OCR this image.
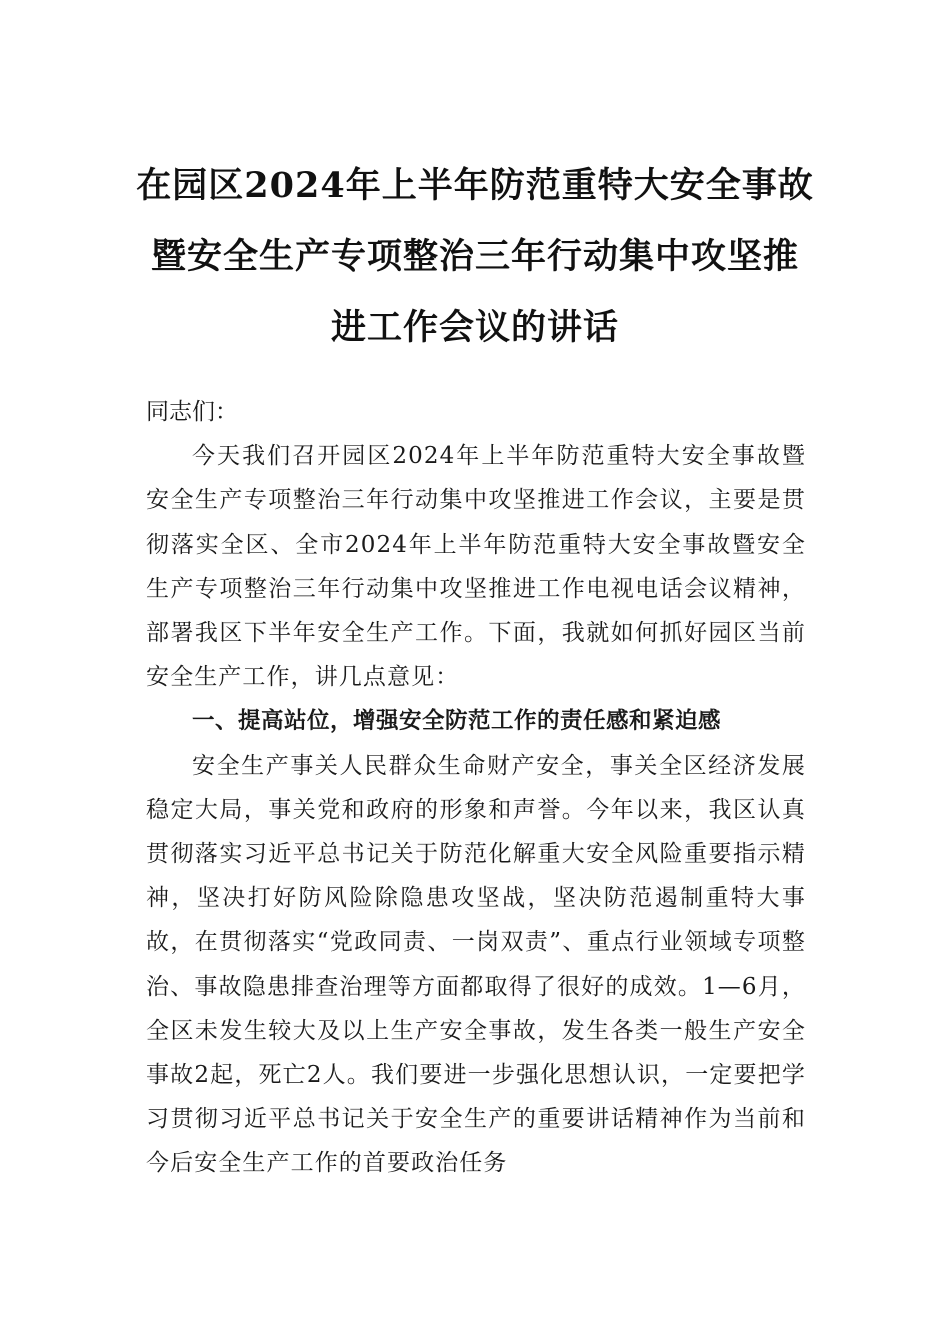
在园区2024年上半年防范重特大安全事故
暨安全生产专项整治三年行动集中攻坚推
进工作会议的讲话

同志们：

今天我们召开园区2024年上半年防范重特大安全事故暨安全生产专项整治三年行动集中攻坚推进工作会议，主要是贯彻落实全区、全市2024年上半年防范重特大安全事故暨安全生产专项整治三年行动集中攻坚推进工作电视电话会议精神，部署我区下半年安全生产工作。下面，我就如何抓好园区当前安全生产工作，讲几点意见：

一、提高站位，增强安全防范工作的责任感和紧迫感

安全生产事关人民群众生命财产安全，事关全区经济发展稳定大局，事关党和政府的形象和声誉。今年以来，我区认真贯彻落实习近平总书记关于防范化解重大安全风险重要指示精神，坚决打好防风险除隐患攻坚战，坚决防范遏制重特大事故，在贯彻落实“党政同责、一岗双责”、重点行业领域专项整治、事故隐患排查治理等方面都取得了很好的成效。1—6月，全区未发生较大及以上生产安全事故，发生各类一般生产安全事故2起，死亡2人。我们要进一步强化思想认识，一定要把学习贯彻习近平总书记关于安全生产的重要讲话精神作为当前和今后安全生产工作的首要政治任务
